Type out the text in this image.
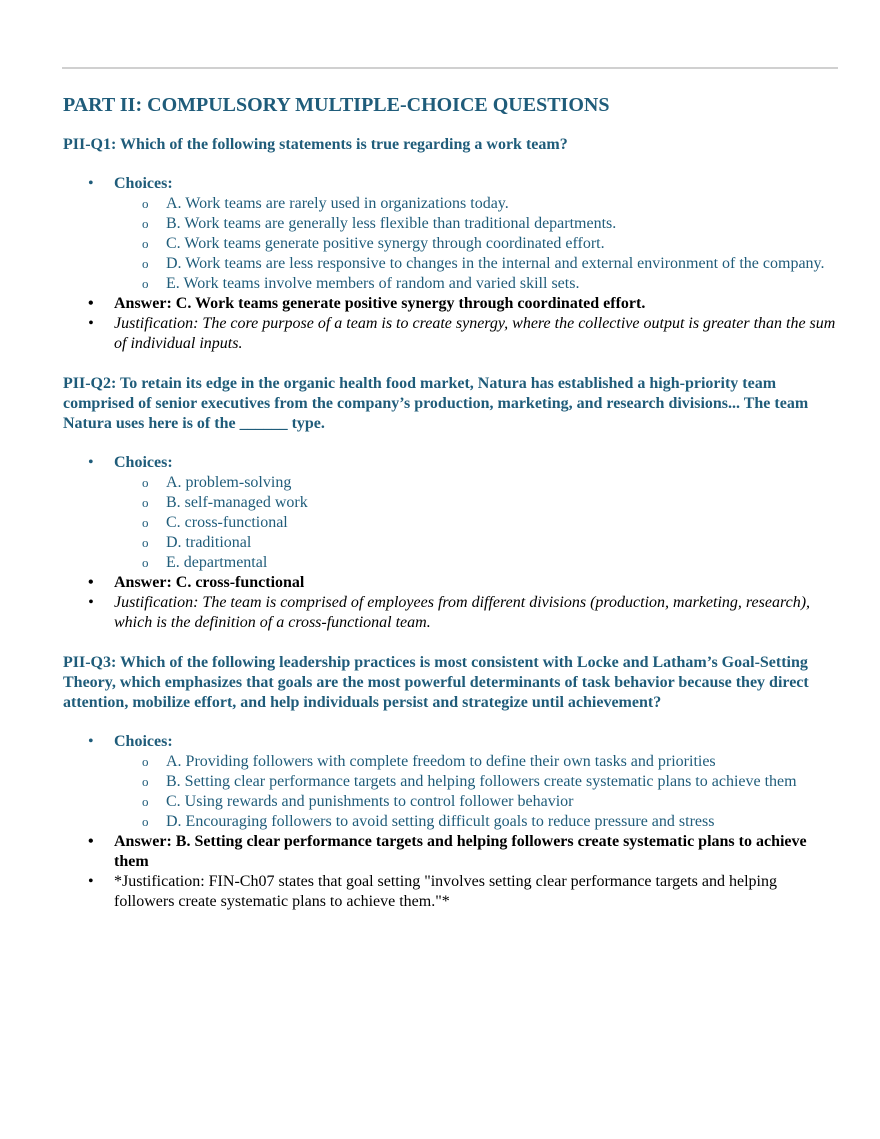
PART II: COMPULSORY MULTIPLE-CHOICE QUESTIONS
PII-Q1: Which of the following statements is true regarding a work team?
• Choices:
o A. Work teams are rarely used in organizations today.
o B. Work teams are generally less flexible than traditional departments.
o C. Work teams generate positive synergy through coordinated effort.
o D. Work teams are less responsive to changes in the internal and external environment of the company.
o E. Work teams involve members of random and varied skill sets.
• Answer: C. Work teams generate positive synergy through coordinated effort.
• Justification: The core purpose of a team is to create synergy, where the collective output is greater than the sum of individual inputs.
PII-Q2: To retain its edge in the organic health food market, Natura has established a high-priority team comprised of senior executives from the company’s production, marketing, and research divisions... The team Natura uses here is of the ______ type.
• Choices:
o A. problem-solving
o B. self-managed work
o C. cross-functional
o D. traditional
o E. departmental
• Answer: C. cross-functional
• Justification: The team is comprised of employees from different divisions (production, marketing, research), which is the definition of a cross-functional team.
PII-Q3: Which of the following leadership practices is most consistent with Locke and Latham’s Goal-Setting Theory, which emphasizes that goals are the most powerful determinants of task behavior because they direct attention, mobilize effort, and help individuals persist and strategize until achievement?
• Choices:
o A. Providing followers with complete freedom to define their own tasks and priorities
o B. Setting clear performance targets and helping followers create systematic plans to achieve them
o C. Using rewards and punishments to control follower behavior
o D. Encouraging followers to avoid setting difficult goals to reduce pressure and stress
• Answer: B. Setting clear performance targets and helping followers create systematic plans to achieve them
• *Justification: FIN-Ch07 states that goal setting "involves setting clear performance targets and helping followers create systematic plans to achieve them."*
